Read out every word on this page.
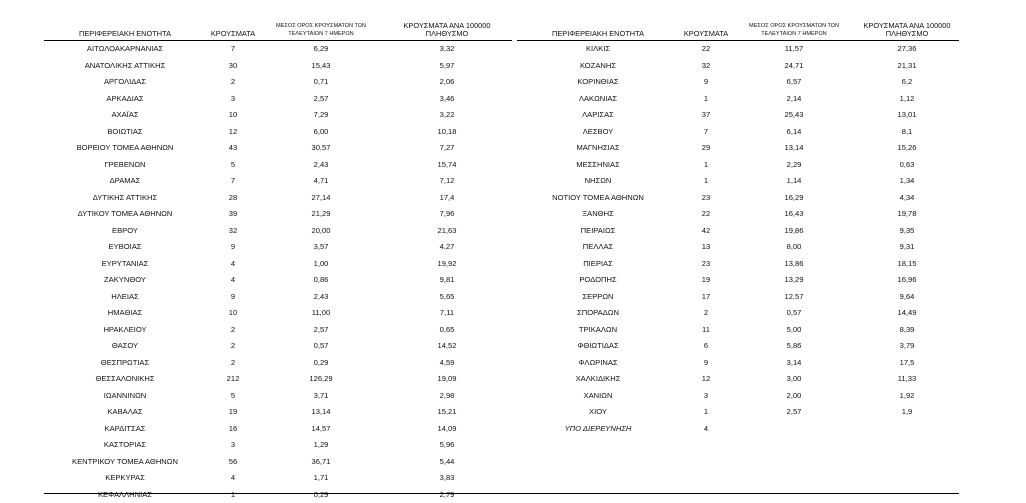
ΠΕΡΙΦΕΡΕΙΑΚΗ ΕΝΟΤΗΤΑ	ΚΡΟΥΣΜΑΤΑ	ΜΕΣΟΣ ΟΡΟΣ ΚΡΟΥΣΜΑΤΩΝ ΤΩΝ ΤΕΛΕΥΤΑΙΩΝ 7 ΗΜΕΡΩΝ	ΚΡΟΥΣΜΑΤΑ ΑΝΑ 100000 ΠΛΗΘΥΣΜΟ
ΑΙΤΩΛΟΑΚΑΡΝΑΝΙΑΣ	7	6,29	3,32
ΑΝΑΤΟΛΙΚΗΣ ΑΤΤΙΚΗΣ	30	15,43	5,97
ΑΡΓΟΛΙΔΑΣ	2	0,71	2,06
ΑΡΚΑΔΙΑΣ	3	2,57	3,46
ΑΧΑΪΑΣ	10	7,29	3,22
ΒΟΙΩΤΙΑΣ	12	6,00	10,18
ΒΟΡΕΙΟΥ ΤΟΜΕΑ ΑΘΗΝΩΝ	43	30,57	7,27
ΓΡΕΒΕΝΩΝ	5	2,43	15,74
ΔΡΑΜΑΣ	7	4,71	7,12
ΔΥΤΙΚΗΣ ΑΤΤΙΚΗΣ	28	27,14	17,4
ΔΥΤΙΚΟΥ ΤΟΜΕΑ ΑΘΗΝΩΝ	39	21,29	7,96
ΕΒΡΟΥ	32	20,00	21,63
ΕΥΒΟΙΑΣ	9	3,57	4,27
ΕΥΡΥΤΑΝΙΑΣ	4	1,00	19,92
ΖΑΚΥΝΘΟΥ	4	0,86	9,81
ΗΛΕΙΑΣ	9	2,43	5,65
ΗΜΑΘΙΑΣ	10	11,00	7,11
ΗΡΑΚΛΕΙΟΥ	2	2,57	0,65
ΘΑΣΟΥ	2	0,57	14,52
ΘΕΣΠΡΩΤΙΑΣ	2	0,29	4,59
ΘΕΣΣΑΛΟΝΙΚΗΣ	212	126,29	19,09
ΙΩΑΝΝΙΝΩΝ	5	3,71	2,98
ΚΑΒΑΛΑΣ	19	13,14	15,21
ΚΑΡΔΙΤΣΑΣ	16	14,57	14,09
ΚΑΣΤΟΡΙΑΣ	3	1,29	5,96
ΚΕΝΤΡΙΚΟΥ ΤΟΜΕΑ ΑΘΗΝΩΝ	56	36,71	5,44
ΚΕΡΚΥΡΑΣ	4	1,71	3,83
ΚΕΦΑΛΛΗΝΙΑΣ	1	0,29	2,79
ΠΕΡΙΦΕΡΕΙΑΚΗ ΕΝΟΤΗΤΑ	ΚΡΟΥΣΜΑΤΑ	ΜΕΣΟΣ ΟΡΟΣ ΚΡΟΥΣΜΑΤΩΝ ΤΩΝ ΤΕΛΕΥΤΑΙΩΝ 7 ΗΜΕΡΩΝ	ΚΡΟΥΣΜΑΤΑ ΑΝΑ 100000 ΠΛΗΘΥΣΜΟ
ΚΙΛΚΙΣ	22	11,57	27,36
ΚΟΖΑΝΗΣ	32	24,71	21,31
ΚΟΡΙΝΘΙΑΣ	9	6,57	6,2
ΛΑΚΩΝΙΑΣ	1	2,14	1,12
ΛΑΡΙΣΑΣ	37	25,43	13,01
ΛΕΣΒΟΥ	7	6,14	8,1
ΜΑΓΝΗΣΙΑΣ	29	13,14	15,26
ΜΕΣΣΗΝΙΑΣ	1	2,29	0,63
ΝΗΣΩΝ	1	1,14	1,34
ΝΟΤΙΟΥ ΤΟΜΕΑ ΑΘΗΝΩΝ	23	16,29	4,34
ΞΑΝΘΗΣ	22	16,43	19,78
ΠΕΙΡΑΙΩΣ	42	19,86	9,35
ΠΕΛΛΑΣ	13	8,00	9,31
ΠΙΕΡΙΑΣ	23	13,86	18,15
ΡΟΔΟΠΗΣ	19	13,29	16,96
ΣΕΡΡΩΝ	17	12,57	9,64
ΣΠΟΡΑΔΩΝ	2	0,57	14,49
ΤΡΙΚΑΛΩΝ	11	5,00	8,39
ΦΘΙΩΤΙΔΑΣ	6	5,86	3,79
ΦΛΩΡΙΝΑΣ	9	3,14	17,5
ΧΑΛΚΙΔΙΚΗΣ	12	3,00	11,33
ΧΑΝΙΩΝ	3	2,00	1,92
ΧΙΟΥ	1	2,57	1,9
ΥΠΟ ΔΙΕΡΕΥΝΗΣΗ	4		
